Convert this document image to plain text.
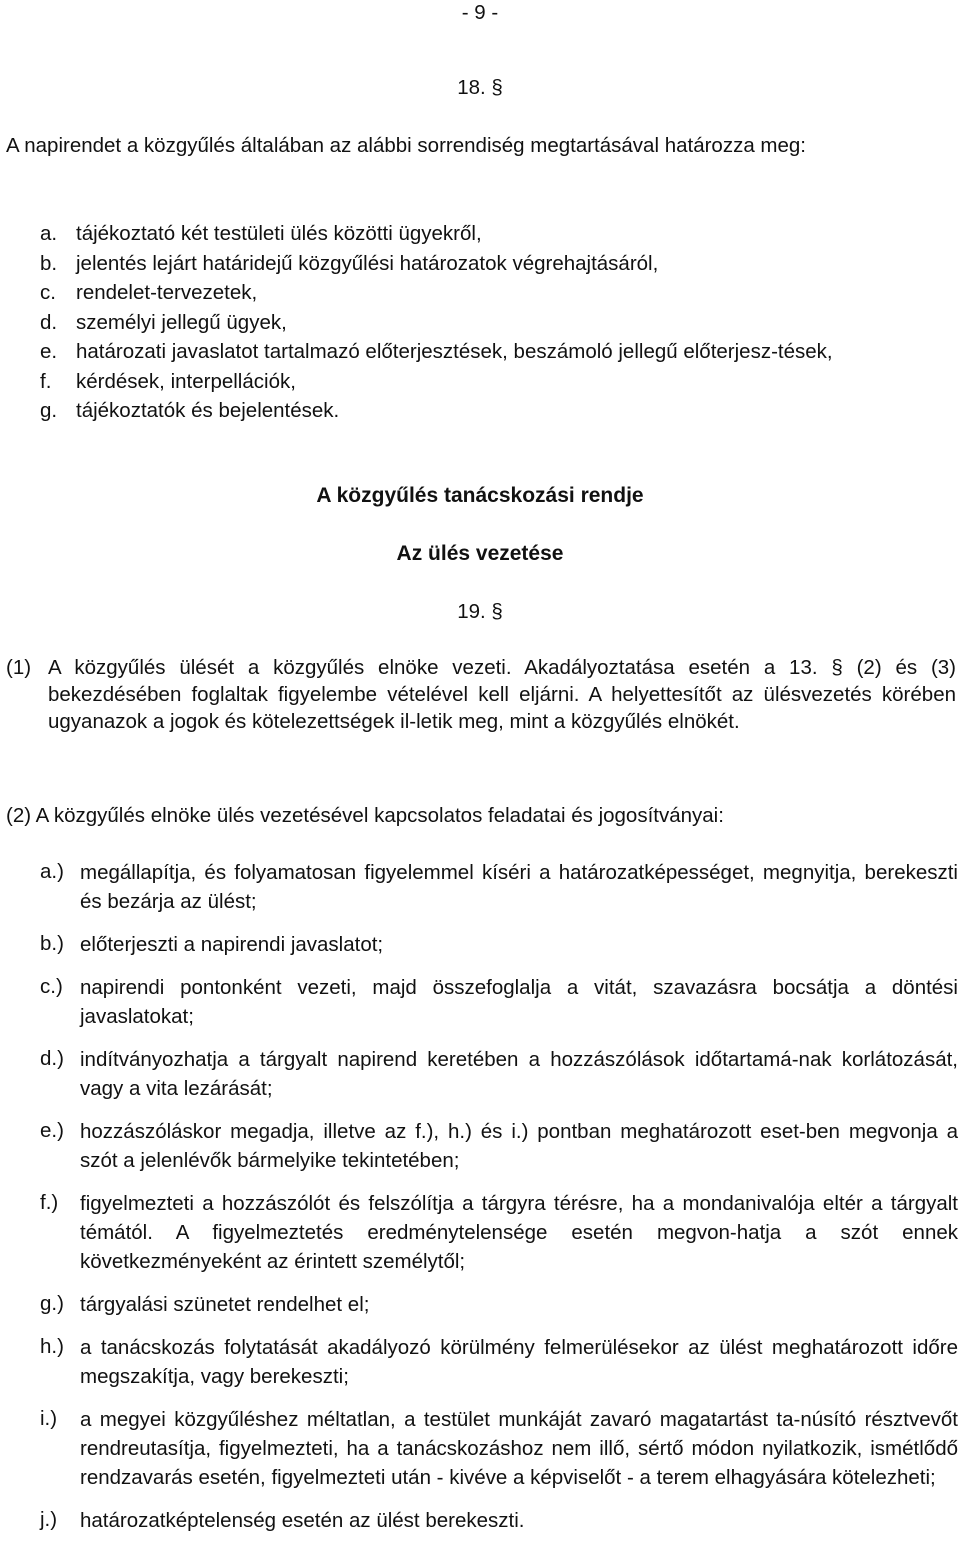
- 9 -
18. §
A napirendet a közgyűlés általában az alábbi sorrendiség megtartásával határozza meg:
a. tájékoztató két testületi ülés közötti ügyekről,
b. jelentés lejárt határidejű közgyűlési határozatok végrehajtásáról,
c. rendelet-tervezetek,
d. személyi jellegű ügyek,
e. határozati javaslatot tartalmazó előterjesztések, beszámoló jellegű előterjesz-tések,
f.	kérdések, interpellációk,
g. tájékoztatók és bejelentések.
A közgyűlés tanácskozási rendje
Az ülés vezetése
19. §
(1) A közgyűlés ülését a közgyűlés elnöke vezeti. Akadályoztatása esetén a 13. § (2) és (3) bekezdésében foglaltak figyelembe vételével kell eljárni. A helyettesítőt az ülésvezetés körében ugyanazok a jogok és kötelezettségek il-letik meg, mint a közgyűlés elnökét.
(2) A közgyűlés elnöke ülés vezetésével kapcsolatos feladatai és jogosítványai:
a.) megállapítja, és folyamatosan figyelemmel kíséri a határozatképességet, megnyitja, berekeszti és bezárja az ülést;
b.) előterjeszti a napirendi javaslatot;
c.) napirendi pontonként vezeti, majd összefoglalja a vitát, szavazásra bocsátja a döntési javaslatokat;
d.) indítványozhatja a tárgyalt napirend keretében a hozzászólások időtartamá-nak korlátozását, vagy a vita lezárását;
e.) hozzászóláskor megadja, illetve az f.), h.) és i.) pontban meghatározott eset-ben megvonja a szót a jelenlévők bármelyike tekintetében;
f.)	figyelmezteti a hozzászólót és felszólítja a tárgyra térésre, ha a mondanivalója eltér a tárgyalt témától. A figyelmeztetés eredménytelensége esetén megvon-hatja a szót ennek következményeként az érintett személytől;
g.) tárgyalási szünetet rendelhet el;
h.) a tanácskozás folytatását akadályozó körülmény felmerülésekor az ülést meghatározott időre megszakítja, vagy berekeszti;
i.)	a megyei közgyűléshez méltatlan, a testület munkáját zavaró magatartást ta-núsító résztvevőt rendreutasítja, figyelmezteti, ha a tanácskozáshoz nem illő, sértő módon nyilatkozik, ismétlődő rendzavarás esetén, figyelmezteti után - kivéve a képviselőt - a terem elhagyására kötelezheti;
j.)	határozatképtelenség esetén az ülést berekeszti.
